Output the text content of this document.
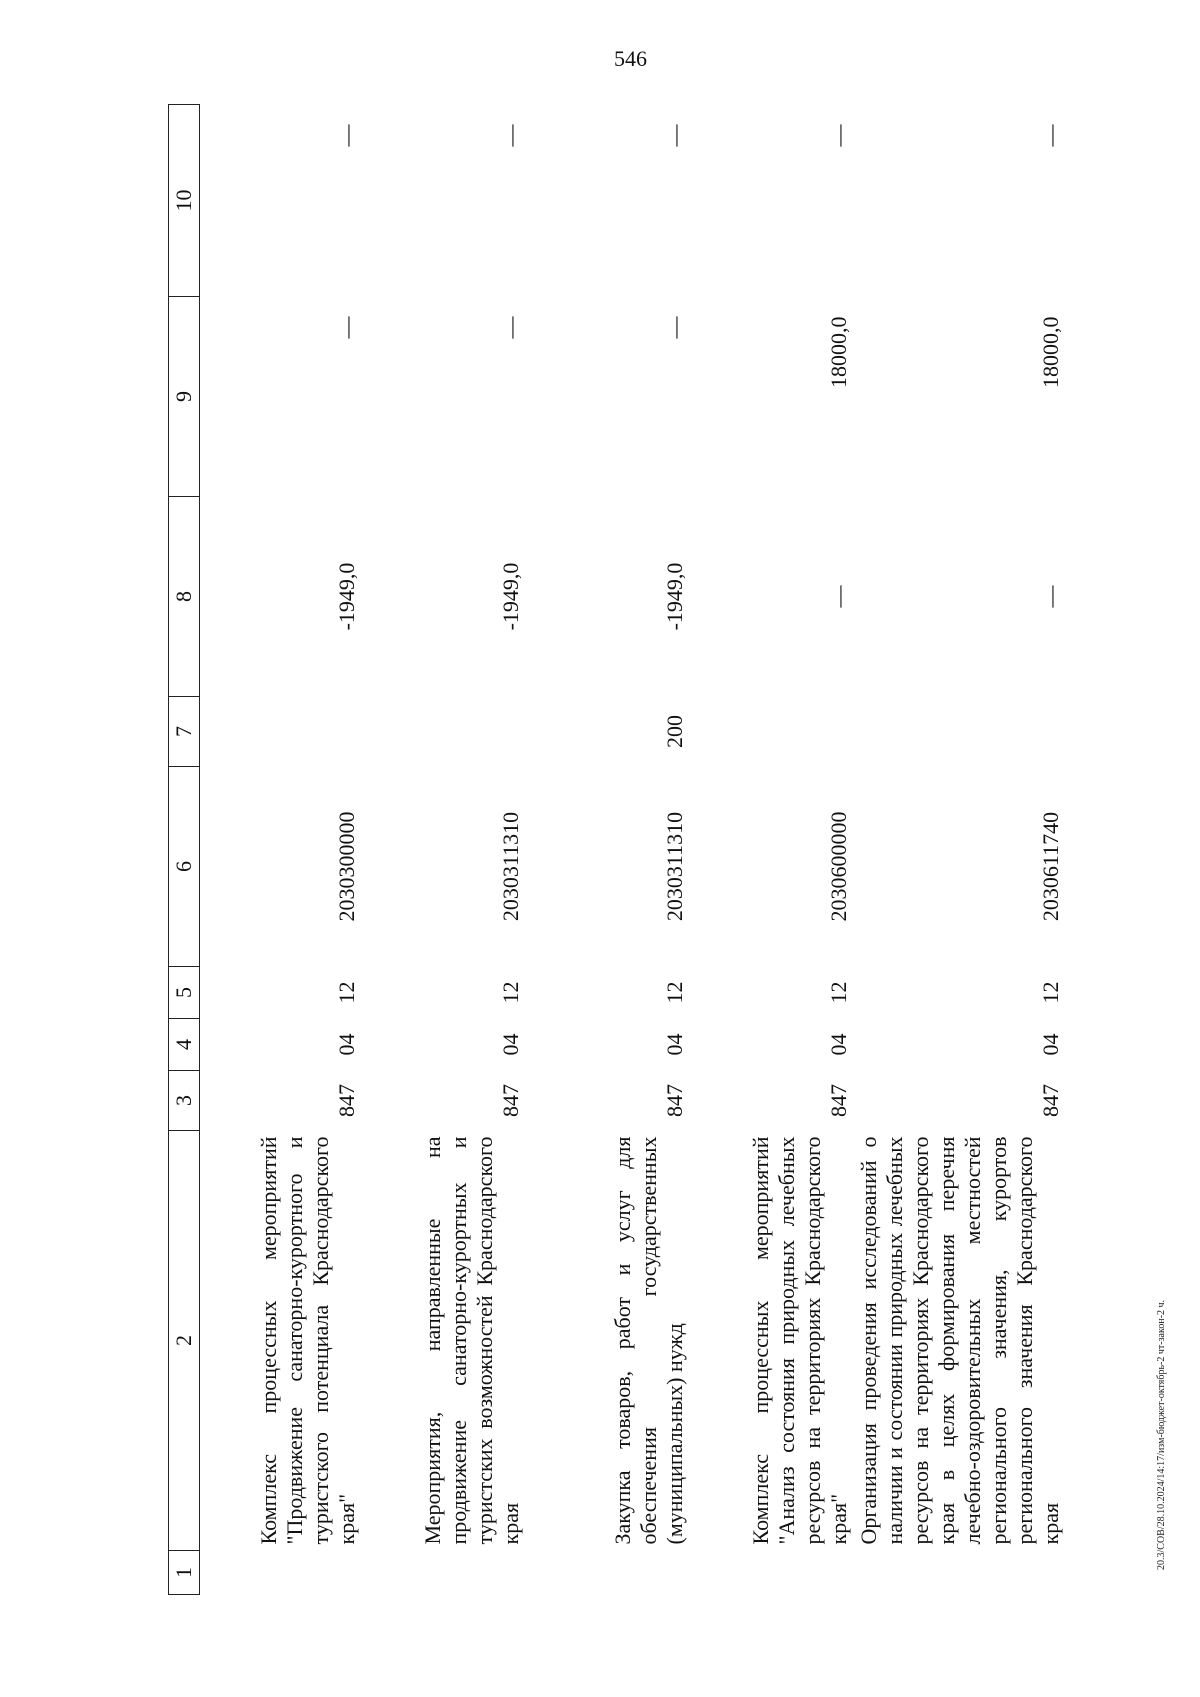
546
1	2	3	4	5	6	7	8	9	10
	Комплекс процессных мероприятий "Продвижение санаторно-курортного и туристского потенциала Краснодарского края"	847	04	12	2030300000		-1949,0	—	—
	Мероприятия, направленные на продвижение санаторно-курортных и туристских возможностей Краснодарского края	847	04	12	2030311310		-1949,0	—	—
	Закупка товаров, работ и услуг для обеспечения государственных (муниципальных) нужд	847	04	12	2030311310	200	-1949,0	—	—
	Комплекс процессных мероприятий "Анализ состояния природных лечебных ресурсов на территориях Краснодарского края"	847	04	12	2030600000		—	18000,0	—
	Организация проведения исследований о наличии и состоянии природных лечебных ресурсов на территориях Краснодарского края в целях формирования перечня лечебно-оздоровительных местностей регионального значения, курортов регионального значения Краснодарского края	847	04	12	2030611740		—	18000,0	—
20.3/СОВ/28.10.2024/14:17/изм-бюджет-октябрь-2 чт-закон-2 ч.
